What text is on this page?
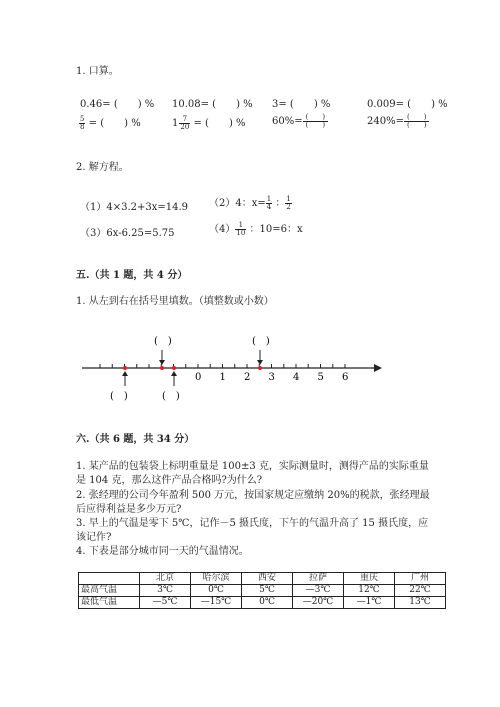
1. 口算。
0.46= (　　) % 10.08= (　　) % 3= (　　) %	0.009= (　　) %
$\frac{5}{8}$ = (　　) %	$1 \frac{7}{20}$ = (　　) %	$60\%= \frac{( )}{( )}$	$240\%= \frac{( )}{( )}$
2. 解方程。
（1）4×3.2+3x=14.9 （2）4：$x= \frac{1}{4}$ ： $\frac{1}{2}$
（3）6x-6.25=5.75	$(4) \frac{1}{10}$ ：10=6：x
五.（共 1 题，共 4 分）
1. 从左到右在括号里填数。（填整数或小数）
0 1 2 3 4 5 6
(　)	(　)
(　)	(　)
六.（共 6 题，共 34 分）
1. 某产品的包装袋上标明重量是 100±3 克，实际测量时，测得产品的实际重量
是 104 克，那么这件产品合格吗?为什么?
2. 张经理的公司今年盈利 500 万元，按国家规定应缴纳 20%的税款，张经理最
后应得利益是多少万元?
3. 早上的气温是零下 5℃，记作－5 摄氏度，下午的气温升高了 15 摄氏度，应
该记作?
4. 下表是部分城市同一天的气温情况。
	北京	哈尔滨	西安	拉萨	重庆	广州
最高气温	3℃	0℃	5℃	—3℃	12℃	22℃
最低气温	—5℃	—15℃	0℃	—20℃	—1℃	13℃
